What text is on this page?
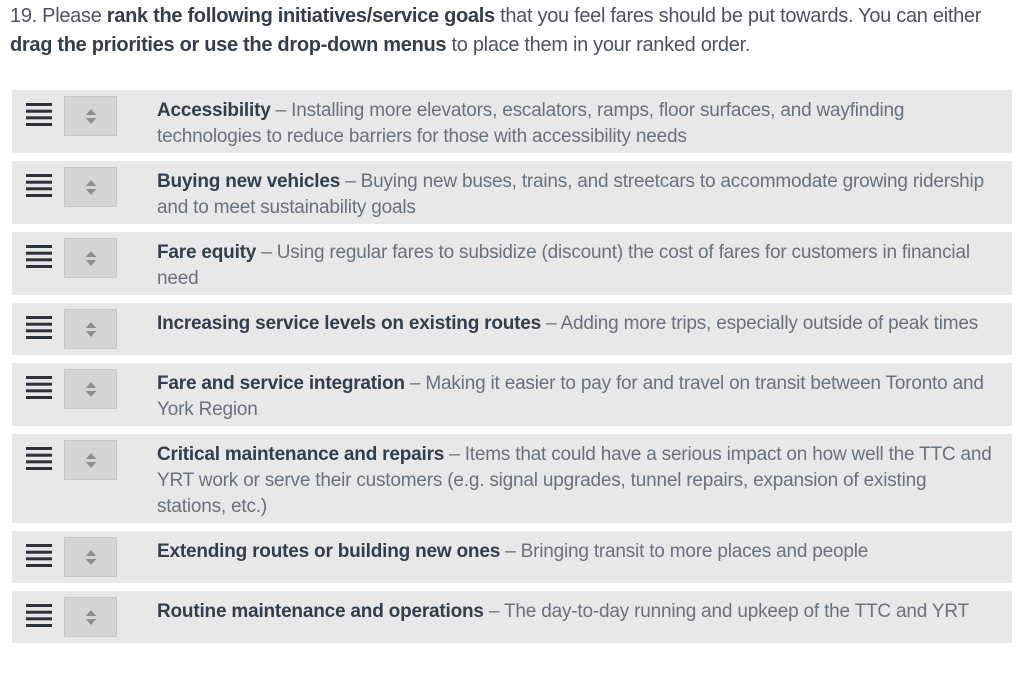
19. Please rank the following initiatives/service goals that you feel fares should be put towards. You can either drag the priorities or use the drop-down menus to place them in your ranked order.

Accessibility – Installing more elevators, escalators, ramps, floor surfaces, and wayfinding technologies to reduce barriers for those with accessibility needs

Buying new vehicles – Buying new buses, trains, and streetcars to accommodate growing ridership and to meet sustainability goals

Fare equity – Using regular fares to subsidize (discount) the cost of fares for customers in financial need

Increasing service levels on existing routes – Adding more trips, especially outside of peak times

Fare and service integration – Making it easier to pay for and travel on transit between Toronto and York Region

Critical maintenance and repairs – Items that could have a serious impact on how well the TTC and YRT work or serve their customers (e.g. signal upgrades, tunnel repairs, expansion of existing stations, etc.)

Extending routes or building new ones – Bringing transit to more places and people

Routine maintenance and operations – The day-to-day running and upkeep of the TTC and YRT
